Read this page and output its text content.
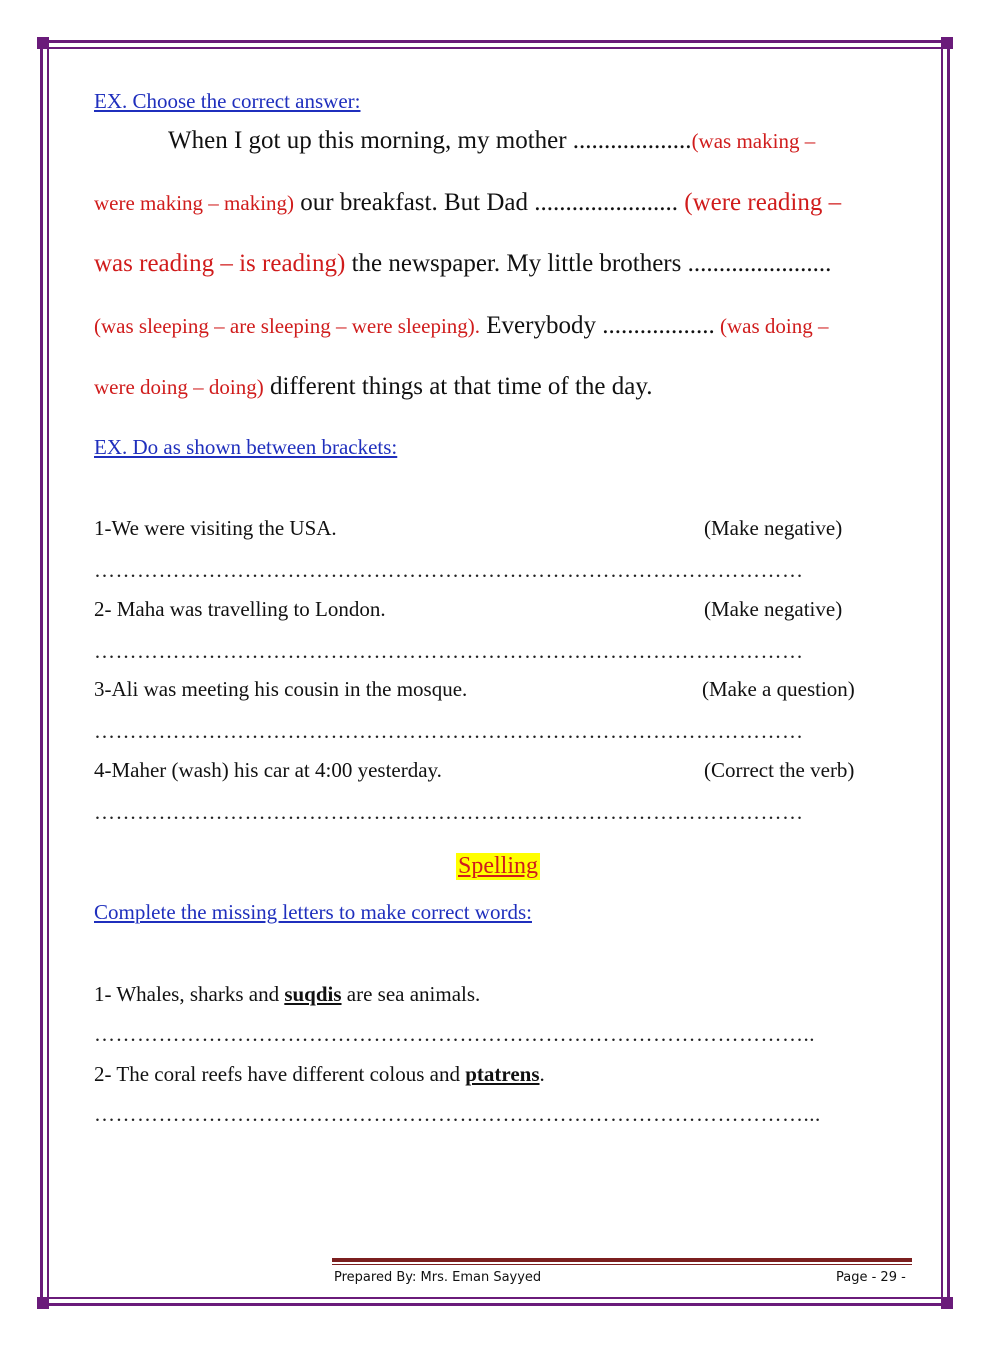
EX. Choose the correct answer:
When I got up this morning, my mother ...................(was making –
were making – making) our breakfast. But Dad ....................... (were reading –
was reading – is reading) the newspaper. My little brothers .......................
(was sleeping – are sleeping – were sleeping). Everybody .................. (was doing –
were doing – doing) different things at that time of the day.
EX. Do as shown between brackets:
1-We were visiting the USA.	(Make negative)
………………………………………………………………………………………
2- Maha was travelling to London.	(Make negative)
………………………………………………………………………………………
3-Ali was meeting his cousin in the mosque.	(Make a question)
………………………………………………………………………………………
4-Maher (wash) his car at 4:00 yesterday.	(Correct the verb)
………………………………………………………………………………………
Spelling
Complete the missing letters to make correct words:
1- Whales, sharks and suqdis are sea animals.
………………………………………………………………………………………..
2- The coral reefs have different colous and ptatrens.
………………………………………………………………………………………...
Prepared By: Mrs. Eman Sayyed	Page - 29 -
